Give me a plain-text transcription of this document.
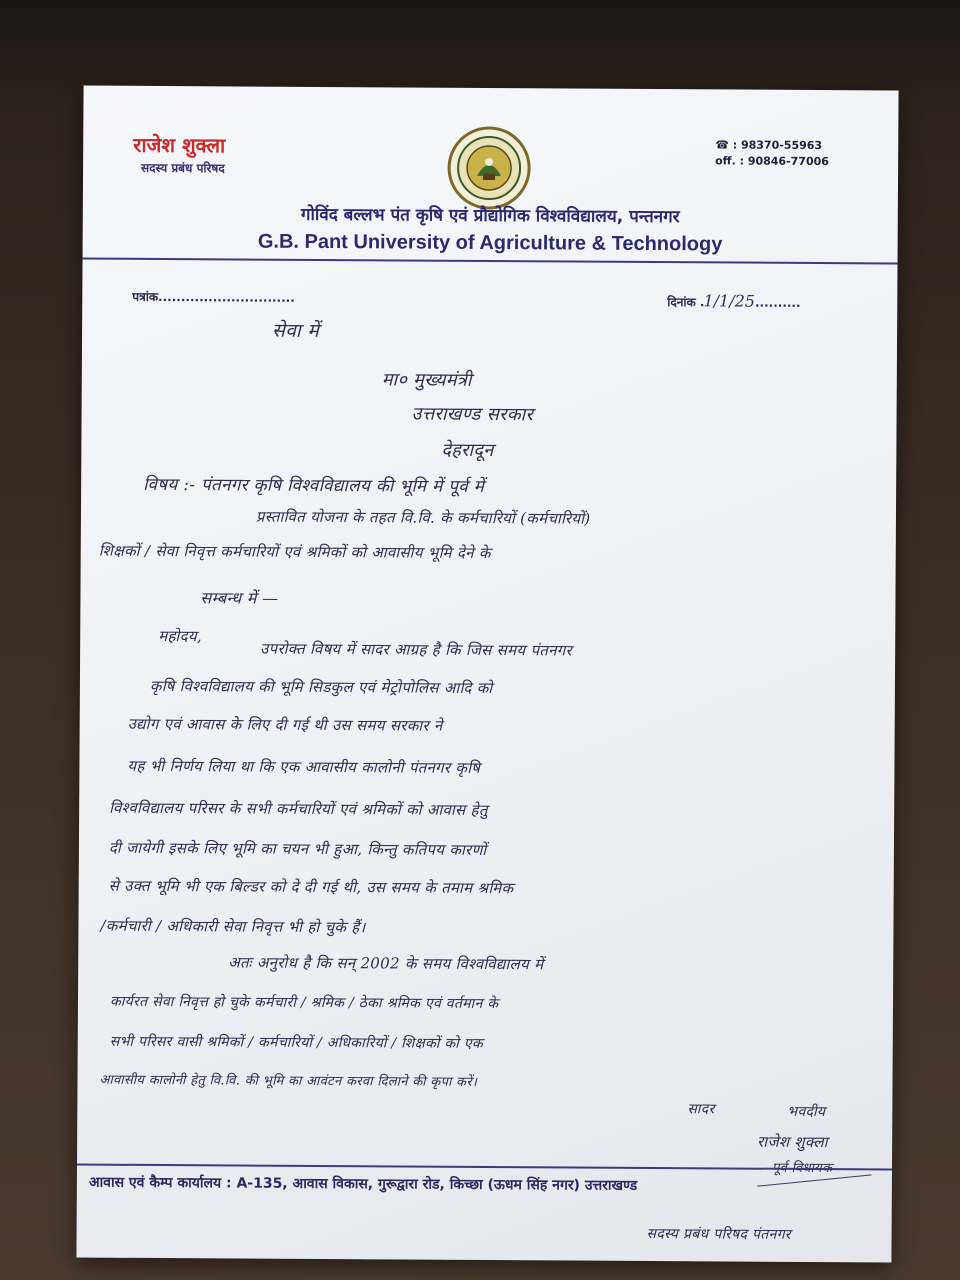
राजेश शुक्ला
सदस्य प्रबंध परिषद
☎ : 98370-55963
off. : 90846-77006
गोविंद बल्लभ पंत कृषि एवं प्रौद्योगिक विश्वविद्यालय, पन्तनगर
G.B. Pant University of Agriculture & Technology
पत्रांक..............................	दिनांक .1/1/25..........
सेवा में
मा० मुख्यमंत्री
उत्तराखण्ड सरकार
देहरादून
विषय :- पंतनगर कृषि विश्वविद्यालय की भूमि में पूर्व में
प्रस्तावित योजना के तहत वि.वि. के कर्मचारियों (कर्मचारियों)
शिक्षकों / सेवा निवृत्त कर्मचारियों एवं श्रमिकों को आवासीय भूमि देने के
सम्बन्ध में —
महोदय,
उपरोक्त विषय में सादर आग्रह है कि जिस समय पंतनगर
कृषि विश्वविद्यालय की भूमि सिडकुल एवं मेट्रोपोलिस आदि को
उद्योग एवं आवास के लिए दी गई थी उस समय सरकार ने
यह भी निर्णय लिया था कि एक आवासीय कालोनी पंतनगर कृषि
विश्वविद्यालय परिसर के सभी कर्मचारियों एवं श्रमिकों को आवास हेतु
दी जायेगी इसके लिए भूमि का चयन भी हुआ, किन्तु कतिपय कारणों
से उक्त भूमि भी एक बिल्डर को दे दी गई थी, उस समय के तमाम श्रमिक
/कर्मचारी / अधिकारी सेवा निवृत्त भी हो चुके हैं।
अतः अनुरोध है कि सन् 2002 के समय विश्वविद्यालय में
कार्यरत सेवा निवृत्त हो चुके कर्मचारी / श्रमिक / ठेका श्रमिक एवं वर्तमान के
सभी परिसर वासी श्रमिकों / कर्मचारियों / अधिकारियों / शिक्षकों को एक
आवासीय कालोनी हेतु वि.वि. की भूमि का आवंटन करवा दिलाने की कृपा करें।
सादर	भवदीय
राजेश शुक्ला
आवास एवं कैम्प कार्यालय : A-135, आवास विकास, गुरूद्वारा रोड, किच्छा (ऊधम सिंह नगर) उत्तराखण्ड
सदस्य प्रबंध परिषद पंतनगर
